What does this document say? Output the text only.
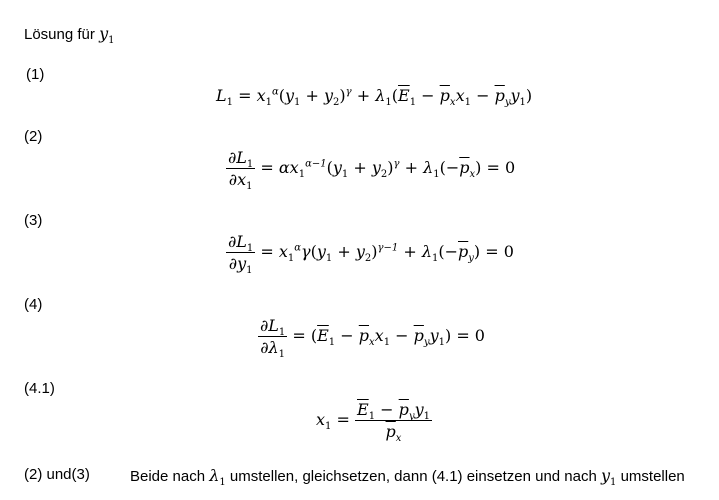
Lösung für $y_1$
(1)
(2)
(3)
(4)
(4.1)
$L_1 = x_1^\alpha(y_1 + y_2)^\gamma + \lambda_1(\overline{E}_1 - \overline{p}_xx_1 - \overline{p}_yy_1)$
$\frac{\partial L_1}{\partial x_1} = \alpha x_1^{\alpha-1}(y_1 + y_2)^\gamma + \lambda_1(-\overline{p}_x) = 0$
$\frac{\partial L_1}{\partial y_1} = x_1^\alpha\gamma(y_1 + y_2)^{\gamma-1} + \lambda_1(-\overline{p}_y) = 0$
$\frac{\partial L_1}{\partial\lambda_1} = (\overline{E}_1 - \overline{p}_xx_1 - \overline{p}_yy_1) = 0$
$x_1 = \frac{\overline{E}_1 - \overline{p}_yy_1}{\overline{p}_x}$
(2) und(3)	Beide nach $\lambda_1$ umstellen, gleichsetzen, dann (4.1) einsetzen und nach $y_1$ umstellen
